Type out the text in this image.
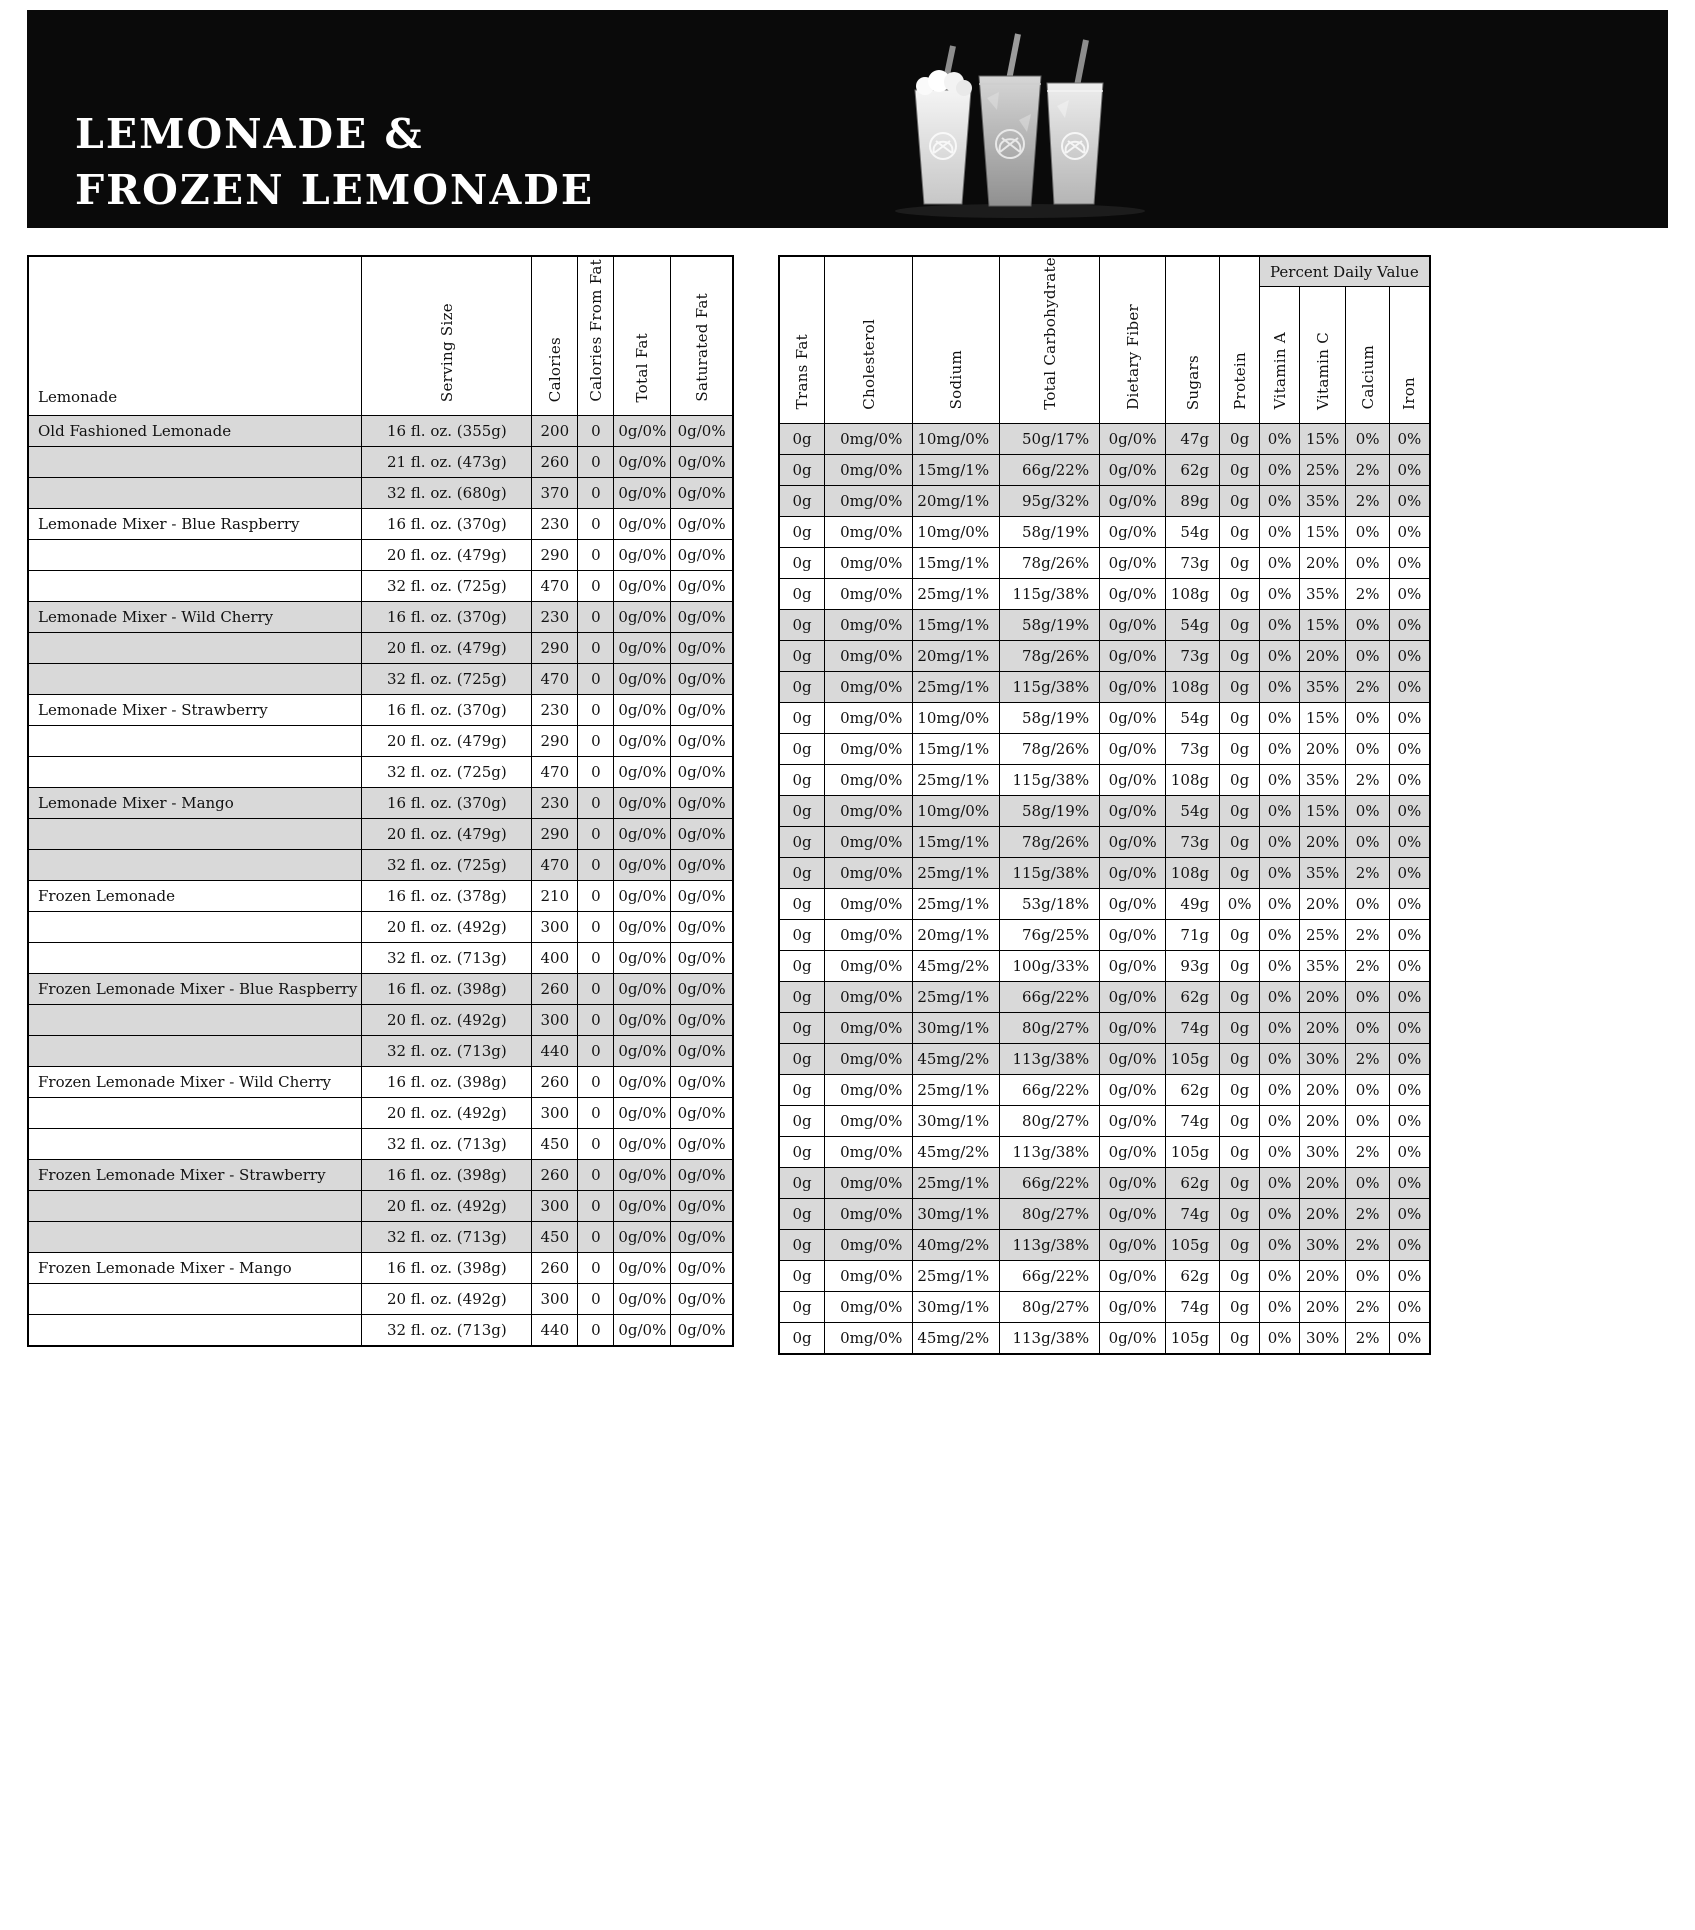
LEMONADE &
FROZEN LEMONADE
Lemonade	Serving Size	Calories	Calories From Fat	Total Fat	Saturated Fat
Old Fashioned Lemonade	16 fl. oz. (355g)	200	0	0g/0%	0g/0%
	21 fl. oz. (473g)	260	0	0g/0%	0g/0%
	32 fl. oz. (680g)	370	0	0g/0%	0g/0%
Lemonade Mixer - Blue Raspberry	16 fl. oz. (370g)	230	0	0g/0%	0g/0%
	20 fl. oz. (479g)	290	0	0g/0%	0g/0%
	32 fl. oz. (725g)	470	0	0g/0%	0g/0%
Lemonade Mixer - Wild Cherry	16 fl. oz. (370g)	230	0	0g/0%	0g/0%
	20 fl. oz. (479g)	290	0	0g/0%	0g/0%
	32 fl. oz. (725g)	470	0	0g/0%	0g/0%
Lemonade Mixer - Strawberry	16 fl. oz. (370g)	230	0	0g/0%	0g/0%
	20 fl. oz. (479g)	290	0	0g/0%	0g/0%
	32 fl. oz. (725g)	470	0	0g/0%	0g/0%
Lemonade Mixer - Mango	16 fl. oz. (370g)	230	0	0g/0%	0g/0%
	20 fl. oz. (479g)	290	0	0g/0%	0g/0%
	32 fl. oz. (725g)	470	0	0g/0%	0g/0%
Frozen Lemonade	16 fl. oz. (378g)	210	0	0g/0%	0g/0%
	20 fl. oz. (492g)	300	0	0g/0%	0g/0%
	32 fl. oz. (713g)	400	0	0g/0%	0g/0%
Frozen Lemonade Mixer - Blue Raspberry	16 fl. oz. (398g)	260	0	0g/0%	0g/0%
	20 fl. oz. (492g)	300	0	0g/0%	0g/0%
	32 fl. oz. (713g)	440	0	0g/0%	0g/0%
Frozen Lemonade Mixer - Wild Cherry	16 fl. oz. (398g)	260	0	0g/0%	0g/0%
	20 fl. oz. (492g)	300	0	0g/0%	0g/0%
	32 fl. oz. (713g)	450	0	0g/0%	0g/0%
Frozen Lemonade Mixer - Strawberry	16 fl. oz. (398g)	260	0	0g/0%	0g/0%
	20 fl. oz. (492g)	300	0	0g/0%	0g/0%
	32 fl. oz. (713g)	450	0	0g/0%	0g/0%
Frozen Lemonade Mixer - Mango	16 fl. oz. (398g)	260	0	0g/0%	0g/0%
	20 fl. oz. (492g)	300	0	0g/0%	0g/0%
	32 fl. oz. (713g)	440	0	0g/0%	0g/0%
Trans Fat	Cholesterol	Sodium	Total Carbohydrate	Dietary Fiber	Sugars	Protein	Percent Daily Value			
							Vitamin A	Vitamin C	Calcium	Iron
0g	0mg/0%	10mg/0%	50g/17%	0g/0%	47g	0g	0%	15%	0%	0%
0g	0mg/0%	15mg/1%	66g/22%	0g/0%	62g	0g	0%	25%	2%	0%
0g	0mg/0%	20mg/1%	95g/32%	0g/0%	89g	0g	0%	35%	2%	0%
0g	0mg/0%	10mg/0%	58g/19%	0g/0%	54g	0g	0%	15%	0%	0%
0g	0mg/0%	15mg/1%	78g/26%	0g/0%	73g	0g	0%	20%	0%	0%
0g	0mg/0%	25mg/1%	115g/38%	0g/0%	108g	0g	0%	35%	2%	0%
0g	0mg/0%	15mg/1%	58g/19%	0g/0%	54g	0g	0%	15%	0%	0%
0g	0mg/0%	20mg/1%	78g/26%	0g/0%	73g	0g	0%	20%	0%	0%
0g	0mg/0%	25mg/1%	115g/38%	0g/0%	108g	0g	0%	35%	2%	0%
0g	0mg/0%	10mg/0%	58g/19%	0g/0%	54g	0g	0%	15%	0%	0%
0g	0mg/0%	15mg/1%	78g/26%	0g/0%	73g	0g	0%	20%	0%	0%
0g	0mg/0%	25mg/1%	115g/38%	0g/0%	108g	0g	0%	35%	2%	0%
0g	0mg/0%	10mg/0%	58g/19%	0g/0%	54g	0g	0%	15%	0%	0%
0g	0mg/0%	15mg/1%	78g/26%	0g/0%	73g	0g	0%	20%	0%	0%
0g	0mg/0%	25mg/1%	115g/38%	0g/0%	108g	0g	0%	35%	2%	0%
0g	0mg/0%	25mg/1%	53g/18%	0g/0%	49g	0%	0%	20%	0%	0%
0g	0mg/0%	20mg/1%	76g/25%	0g/0%	71g	0g	0%	25%	2%	0%
0g	0mg/0%	45mg/2%	100g/33%	0g/0%	93g	0g	0%	35%	2%	0%
0g	0mg/0%	25mg/1%	66g/22%	0g/0%	62g	0g	0%	20%	0%	0%
0g	0mg/0%	30mg/1%	80g/27%	0g/0%	74g	0g	0%	20%	0%	0%
0g	0mg/0%	45mg/2%	113g/38%	0g/0%	105g	0g	0%	30%	2%	0%
0g	0mg/0%	25mg/1%	66g/22%	0g/0%	62g	0g	0%	20%	0%	0%
0g	0mg/0%	30mg/1%	80g/27%	0g/0%	74g	0g	0%	20%	0%	0%
0g	0mg/0%	45mg/2%	113g/38%	0g/0%	105g	0g	0%	30%	2%	0%
0g	0mg/0%	25mg/1%	66g/22%	0g/0%	62g	0g	0%	20%	0%	0%
0g	0mg/0%	30mg/1%	80g/27%	0g/0%	74g	0g	0%	20%	2%	0%
0g	0mg/0%	40mg/2%	113g/38%	0g/0%	105g	0g	0%	30%	2%	0%
0g	0mg/0%	25mg/1%	66g/22%	0g/0%	62g	0g	0%	20%	0%	0%
0g	0mg/0%	30mg/1%	80g/27%	0g/0%	74g	0g	0%	20%	2%	0%
0g	0mg/0%	45mg/2%	113g/38%	0g/0%	105g	0g	0%	30%	2%	0%
